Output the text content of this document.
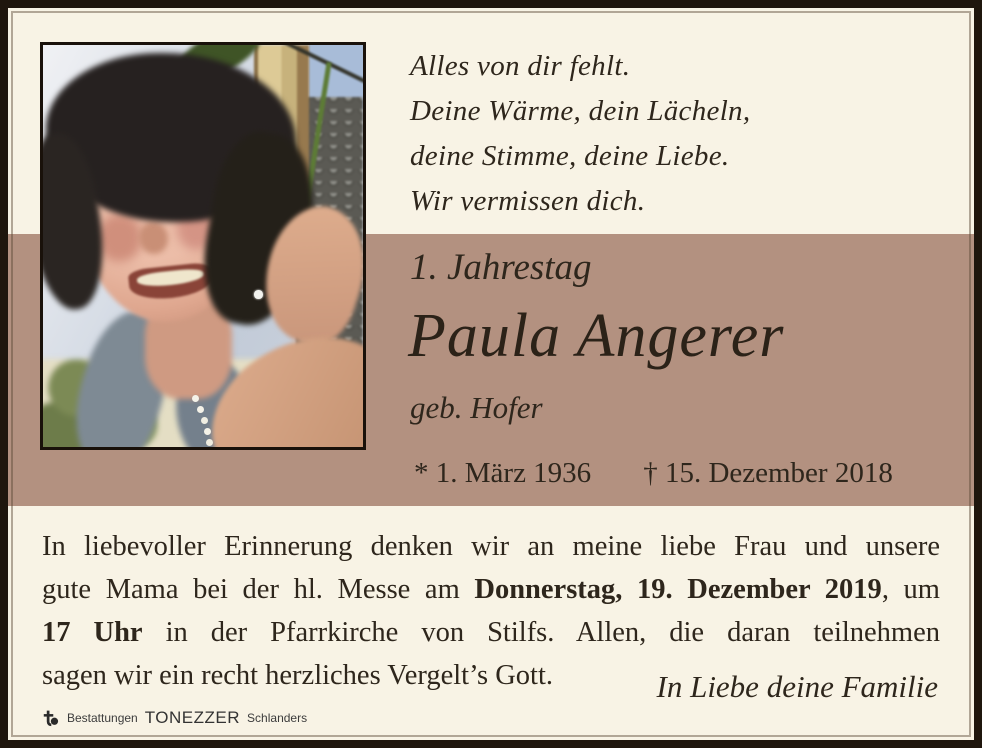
Alles von dir fehlt.
Deine Wärme, dein Lächeln,
deine Stimme, deine Liebe.
Wir vermissen dich.
1. Jahrestag
Paula Angerer
geb. Hofer
* 1. März 1936 † 15. Dezember 2018
In liebevoller Erinnerung denken wir an meine liebe Frau und unsere
gute Mama bei der hl. Messe am Donnerstag, 19. Dezember 2019, um
17 Uhr in der Pfarrkirche von Stilfs. Allen, die daran teilnehmen
sagen wir ein recht herzliches Vergelt’s Gott.	In Liebe deine Familie
Bestattungen TONEZZER Schlanders
